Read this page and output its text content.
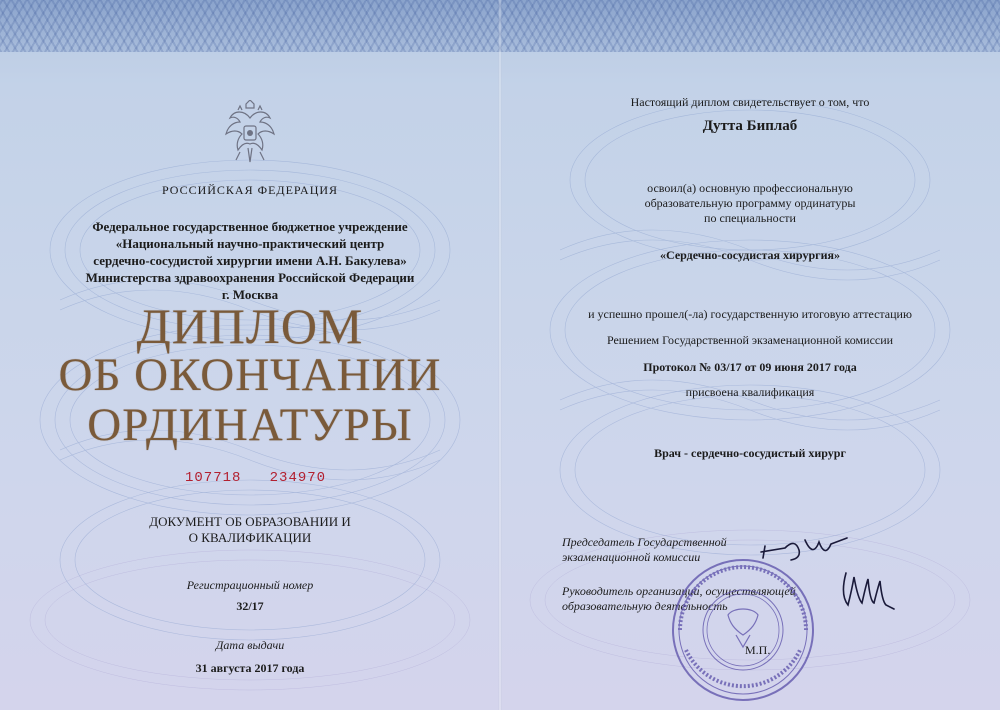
РОССИЙСКАЯ ФЕДЕРАЦИЯ
Федеральное государственное бюджетное учреждение
«Национальный научно-практический центр
сердечно-сосудистой хирургии имени А.Н. Бакулева»
Министерства здравоохранения Российской Федерации
г. Москва
ДИПЛОМ
ОБ ОКОНЧАНИИ
ОРДИНАТУРЫ
107718 234970
ДОКУМЕНТ ОБ ОБРАЗОВАНИИ И
О КВАЛИФИКАЦИИ
Регистрационный номер
32/17
Дата выдачи
31 августа 2017 года
Настоящий диплом свидетельствует о том, что
Дутта Биплаб
освоил(а) основную профессиональную
образовательную программу ординатуры
по специальности
«Сердечно-сосудистая хирургия»
и успешно прошел(-ла) государственную итоговую аттестацию
Решением Государственной экзаменационной комиссии
Протокол № 03/17 от 09 июня 2017 года
присвоена квалификация
Врач - сердечно-сосудистый хирург
Председатель Государственной
экзаменационной комиссии
Руководитель организации, осуществляющей
образовательную деятельность
М.П.
